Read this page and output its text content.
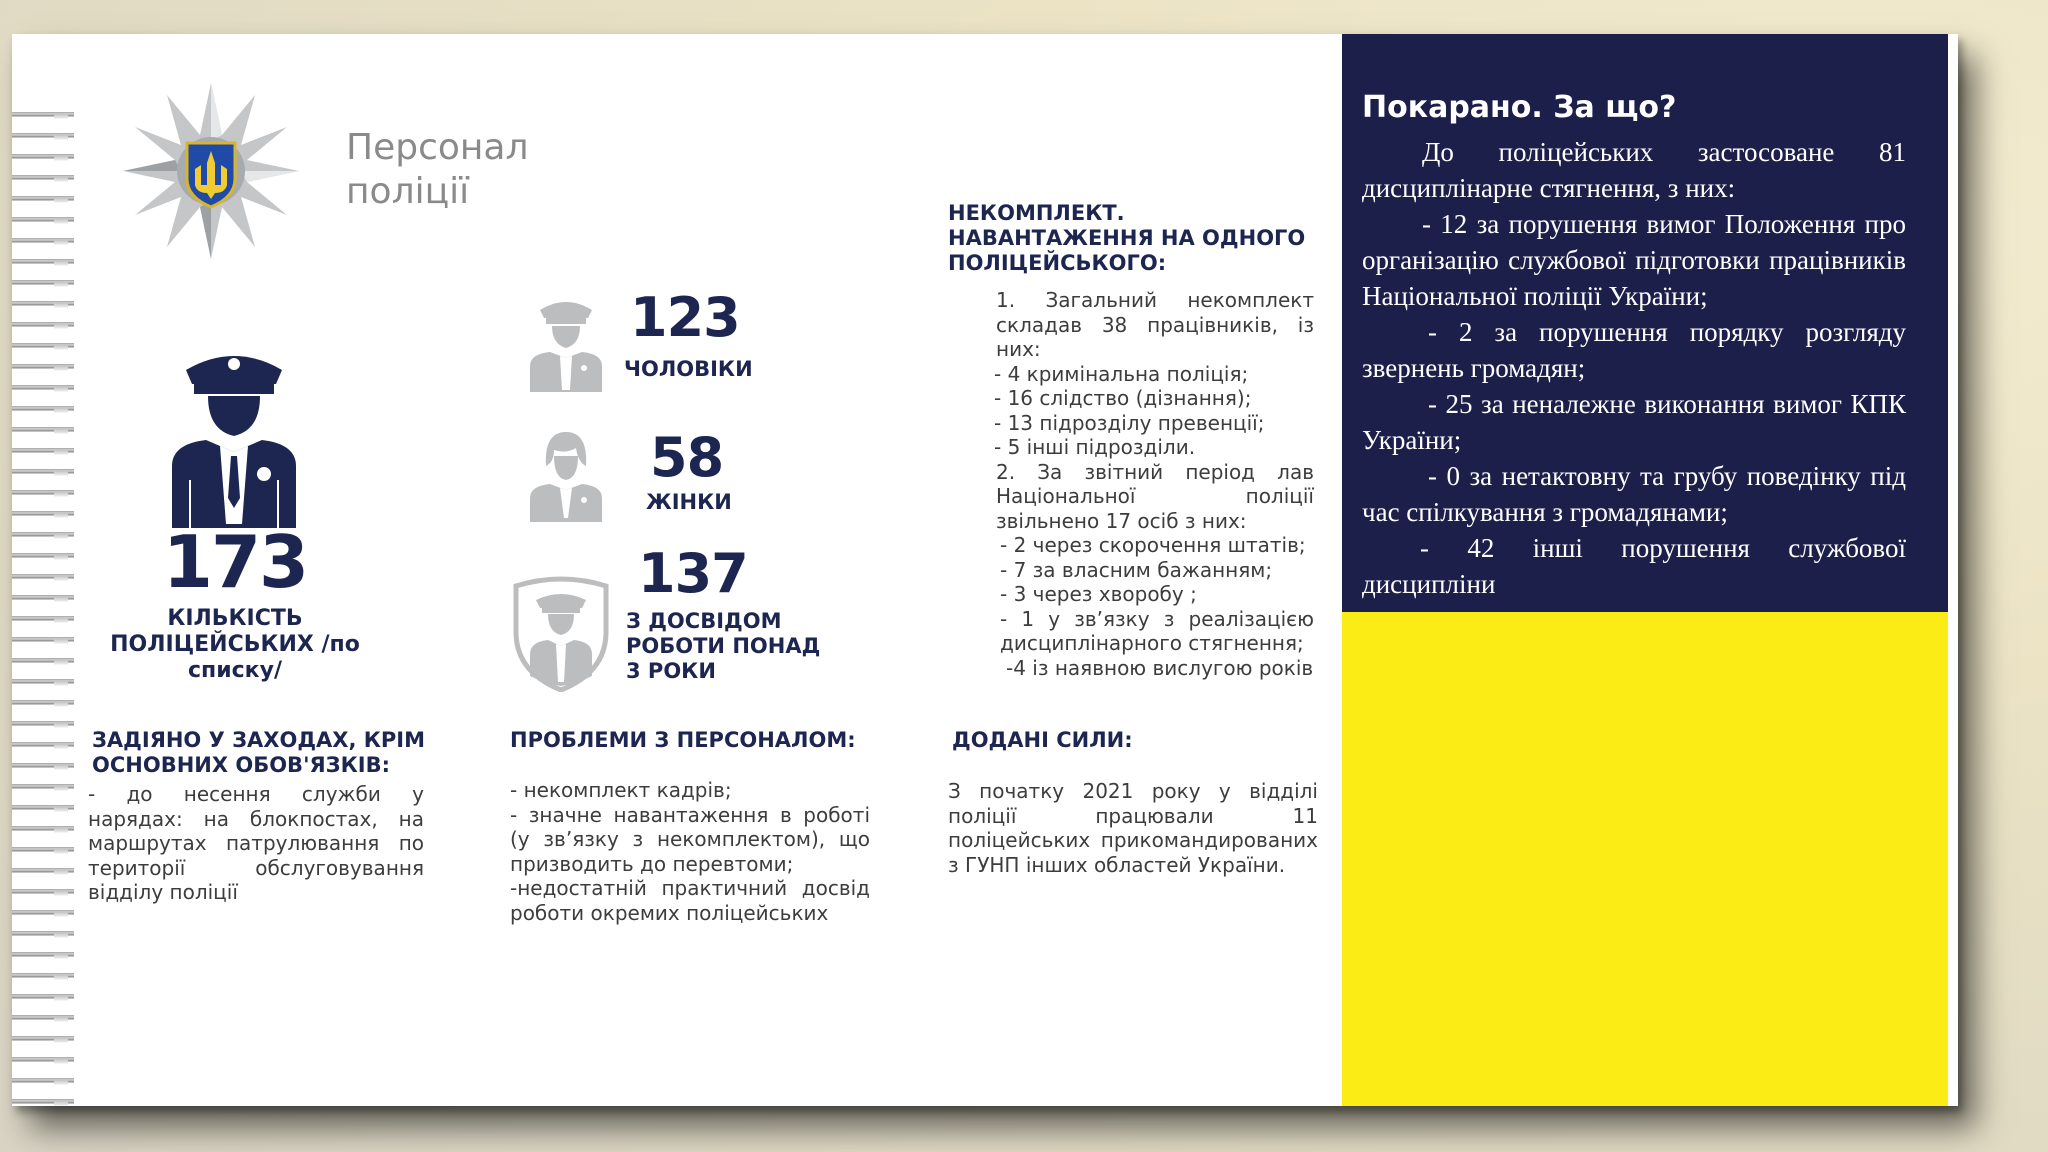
Персонал
поліції
173
КІЛЬКІСТЬ ПОЛІЦЕЙСЬКИХ /по списку/
123
ЧОЛОВІКИ
58
ЖІНКИ
137
З ДОСВІДОМ РОБОТИ ПОНАД 3 РОКИ
НЕКОМПЛЕКТ. НАВАНТАЖЕННЯ НА ОДНОГО ПОЛІЦЕЙСЬКОГО:
1. Загальний некомплект складав 38 працівників, із них:
- 4 кримінальна поліція;
- 16 слідство (дізнання);
- 13 підрозділу превенції;
- 5 інші підрозділи.
2. За звітний період лав Національної поліції звільнено 17 осіб з них:
- 2 через скорочення штатів;
- 7 за власним бажанням;
- 3 через хворобу ;
- 1 у зв’язку з реалізацією дисциплінарного стягнення;
-4 із наявною вислугою років
ЗАДІЯНО У ЗАХОДАХ, КРІМ ОСНОВНИХ ОБОВ'ЯЗКІВ:
- до несення служби у нарядах: на блокпостах, на маршрутах патрулювання по території обслуговування відділу поліції
ПРОБЛЕМИ З ПЕРСОНАЛОМ:
- некомплект кадрів;
- значне навантаження в роботі (у зв’язку з некомплектом), що призводить до перевтоми;
-недостатній практичний досвід роботи окремих поліцейських
ДОДАНІ СИЛИ:
З початку 2021 року у відділі поліції працювали 11 поліцейських прикомандированих з ГУНП інших областей України.
Покарано. За що?

До поліцейських застосоване 81 дисциплінарне стягнення, з них:

- 12 за порушення вимог Положення про організацію службової підготовки працівників Національної поліції України;

- 2 за порушення порядку розгляду звернень громадян;

- 25 за неналежне виконання вимог КПК України;

- 0 за нетактовну та грубу поведінку під час спілкування з громадянами;

- 42 інші порушення службової дисципліни
